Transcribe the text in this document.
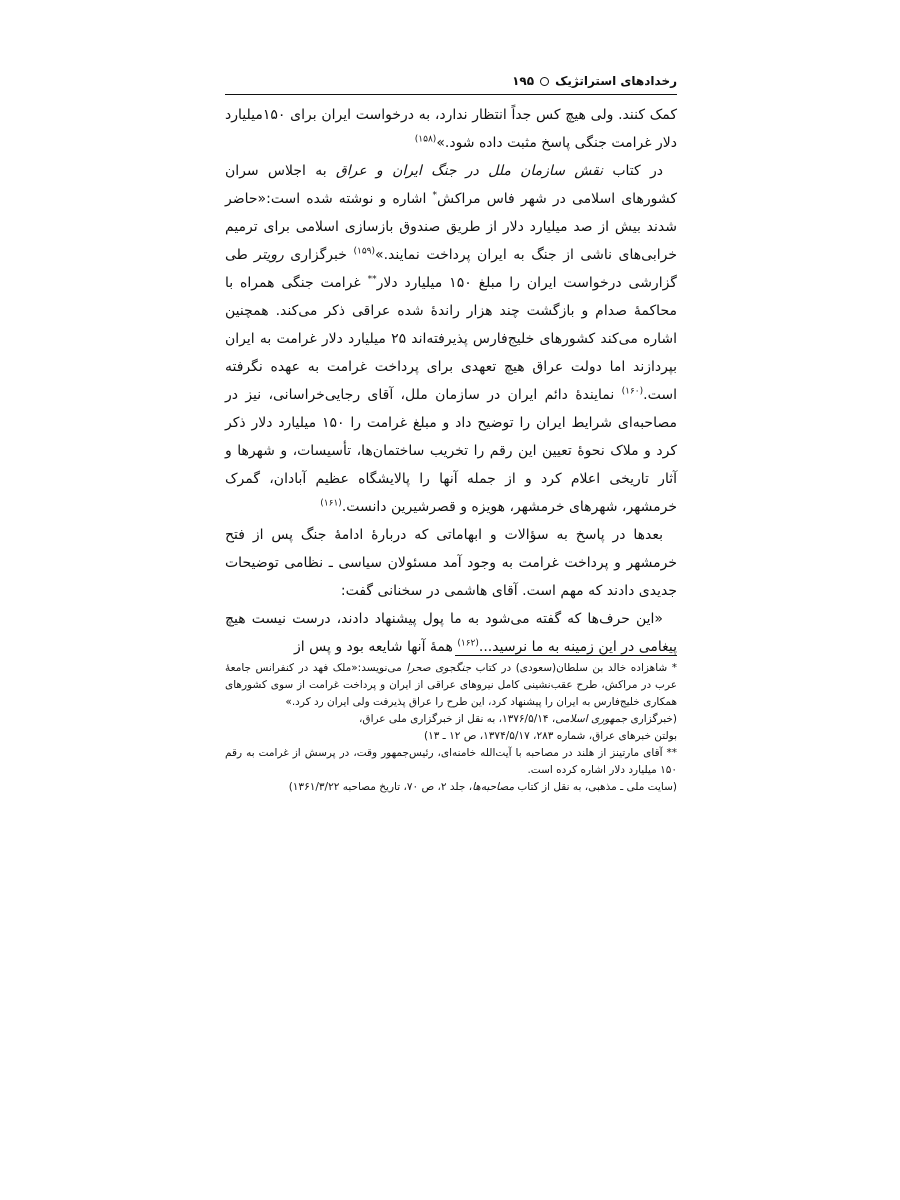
رخدادهای استراتژیک
۱۹۵

کمک کنند. ولی هیچ کس جداً انتظار ندارد، به درخواست ایران برای ۱۵۰میلیارد دلار غرامت جنگی پاسخ مثبت داده شود.»$^{(۱۵۸)}$

در کتاب نقش سازمان ملل در جنگ ایران و عراق به اجلاس سران کشورهای اسلامی در شهر فاس مراکش* اشاره و نوشته شده است:«حاضر شدند بیش از صد میلیارد دلار از طریق صندوق بازسازی اسلامی برای ترمیم خرابی‌های ناشی از جنگ به ایران پرداخت نمایند.»$^{(۱۵۹)}$ خبرگزاری رویتر طی گزارشی درخواست ایران را مبلغ ۱۵۰ میلیارد دلار** غرامت جنگی همراه با محاکمهٔ صدام و بازگشت چند هزار راندهٔ شده عراقی ذکر می‌کند. همچنین اشاره می‌کند کشورهای خلیج‌فارس پذیرفته‌اند ۲۵ میلیارد دلار غرامت به ایران بپردازند اما دولت عراق هیچ تعهدی برای پرداخت غرامت به عهده نگرفته است.$^{(۱۶۰)}$ نمایندهٔ دائم ایران در سازمان ملل، آقای رجایی‌خراسانی، نیز در مصاحبه‌ای شرایط ایران را توضیح داد و مبلغ غرامت را ۱۵۰ میلیارد دلار ذکر کرد و ملاک نحوهٔ تعیین این رقم را تخریب ساختمان‌ها، تأسیسات، و شهرها و آثار تاریخی اعلام کرد و از جمله آنها را پالایشگاه عظیم آبادان، گمرک خرمشهر، شهرهای خرمشهر، هویزه و قصرشیرین دانست.$^{(۱۶۱)}$

بعدها در پاسخ به سؤالات و ابهاماتی که دربارهٔ ادامهٔ جنگ پس از فتح خرمشهر و پرداخت غرامت به وجود آمد مسئولان سیاسی ـ نظامی توضیحات جدیدی دادند که مهم است. آقای هاشمی در سخنانی گفت:

«این حرف‌ها که گفته می‌شود به ما پول پیشنهاد دادند، درست نیست هیچ پیغامی در این زمینه به ما نرسید...$^{(۱۶۲)}$ همهٔ آنها شایعه بود و پس از

* شاهزاده خالد بن سلطان(سعودی) در کتاب جنگجوی صحرا می‌نویسد:«ملک فهد در کنفرانس جامعهٔ عرب در مراکش، طرح عقب‌نشینی کامل نیروهای عراقی از ایران و پرداخت غرامت از سوی کشورهای همکاری خلیج‌فارس به ایران را پیشنهاد کرد، این طرح را عراق پذیرفت ولی ایران رد کرد.»

(خبرگزاری جمهوری اسلامی، ۱۳۷۶/۵/۱۴، به نقل از خبرگزاری ملی عراق،

بولتن خبرهای عراق، شماره ۲۸۳، ۱۳۷۴/۵/۱۷، ص ۱۲ ـ ۱۳)

** آقای مارتینز از هلند در مصاحبه با آیت‌الله خامنه‌ای، رئیس‌جمهور وقت، در پرسش از غرامت به رقم ۱۵۰ میلیارد دلار اشاره کرده است.

(سایت ملی ـ مذهبی، به نقل از کتاب مصاحبه‌ها، جلد ۲، ص ۷۰، تاریخ مصاحبه ۱۳۶۱/۳/۲۲)
